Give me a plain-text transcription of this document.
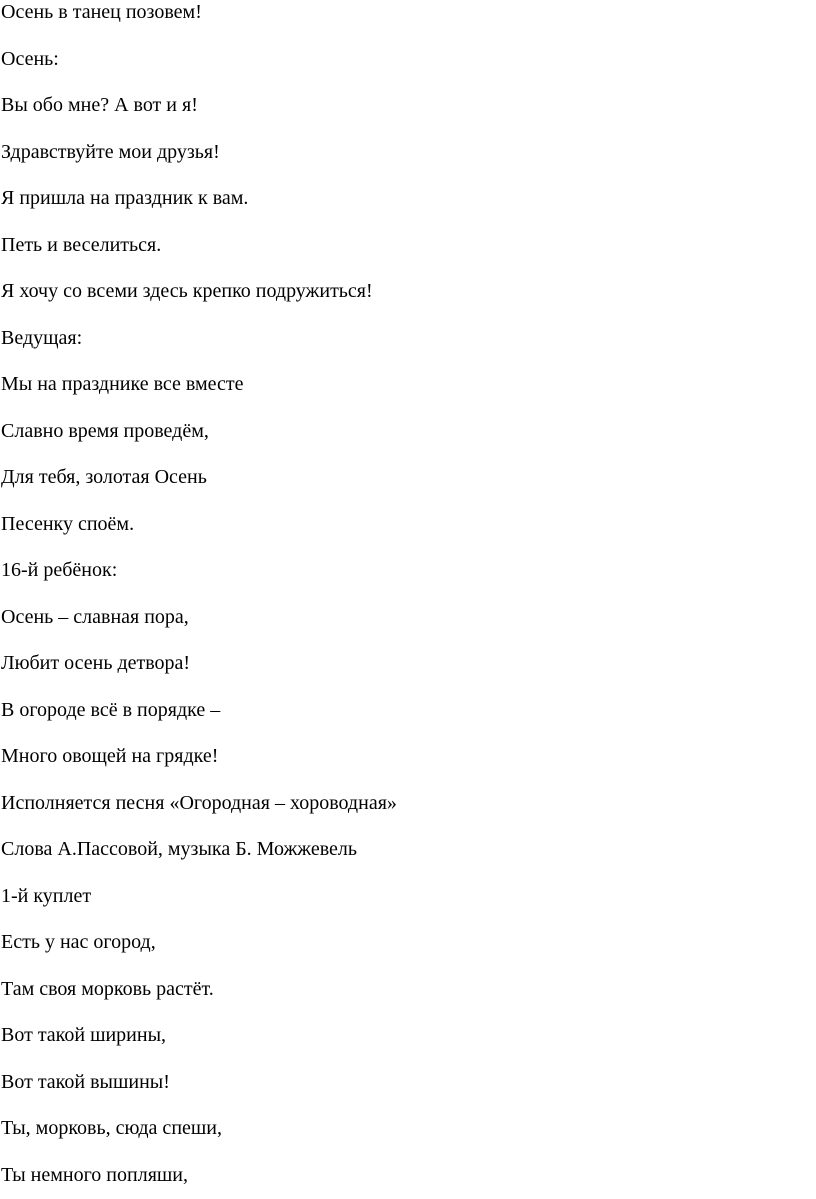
Осень в танец позовем!

Осень:

Вы обо мне? А вот и я!

Здравствуйте мои друзья!

Я пришла на праздник к вам.

Петь и веселиться.

Я хочу со всеми здесь крепко подружиться!

Ведущая:

Мы на празднике все вместе

Славно время проведём,

Для тебя, золотая Осень

Песенку споём.

16-й ребёнок:

Осень – славная пора,

Любит осень детвора!

В огороде всё в порядке –

Много овощей на грядке!

Исполняется песня «Огородная – хороводная»

Слова А.Пассовой, музыка Б. Можжевель

1-й куплет

Есть у нас огород,

Там своя морковь растёт.

Вот такой ширины,

Вот такой вышины!

Ты, морковь, сюда спеши,

Ты немного попляши,
